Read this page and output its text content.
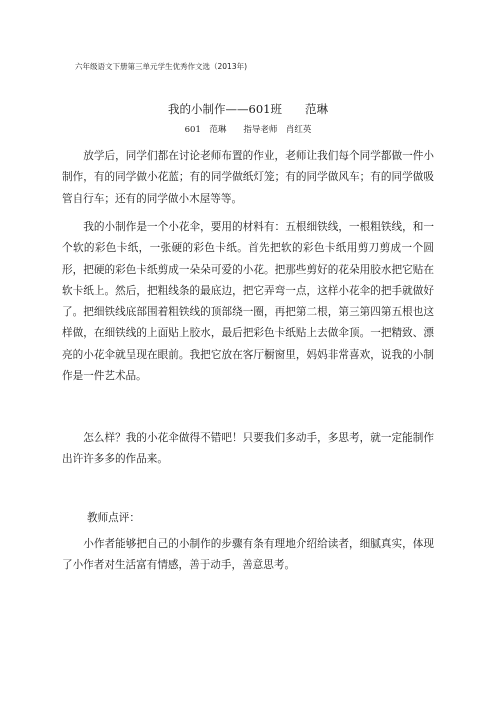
六年级语文下册第三单元学生优秀作文选（2013年)
我的小制作——601班　　范琳
601　范琳　　指导老师　肖红英

放学后，同学们都在讨论老师布置的作业，老师让我们每个同学都做一件小制作，有的同学做小花蓝；有的同学做纸灯笼；有的同学做风车；有的同学做吸管自行车；还有的同学做小木屋等等。

我的小制作是一个小花伞，要用的材料有：五根细铁线，一根粗铁线，和一个软的彩色卡纸，一张硬的彩色卡纸。首先把软的彩色卡纸用剪刀剪成一个圆形，把硬的彩色卡纸剪成一朵朵可爱的小花。把那些剪好的花朵用胶水把它贴在软卡纸上。然后，把粗线条的最底边，把它弄弯一点，这样小花伞的把手就做好了。把细铁线底部围着粗铁线的顶部绕一圈，再把第二根，第三第四第五根也这样做，在细铁线的上面贴上胶水，最后把彩色卡纸贴上去做伞顶。一把精致、漂亮的小花伞就呈现在眼前。我把它放在客厅橱窗里，妈妈非常喜欢，说我的小制作是一件艺术品。

怎么样？我的小花伞做得不错吧！只要我们多动手，多思考，就一定能制作出许许多多的作品来。

教师点评：

小作者能够把自己的小制作的步骤有条有理地介绍给读者，细腻真实，体现了小作者对生活富有情感，善于动手，善意思考。
